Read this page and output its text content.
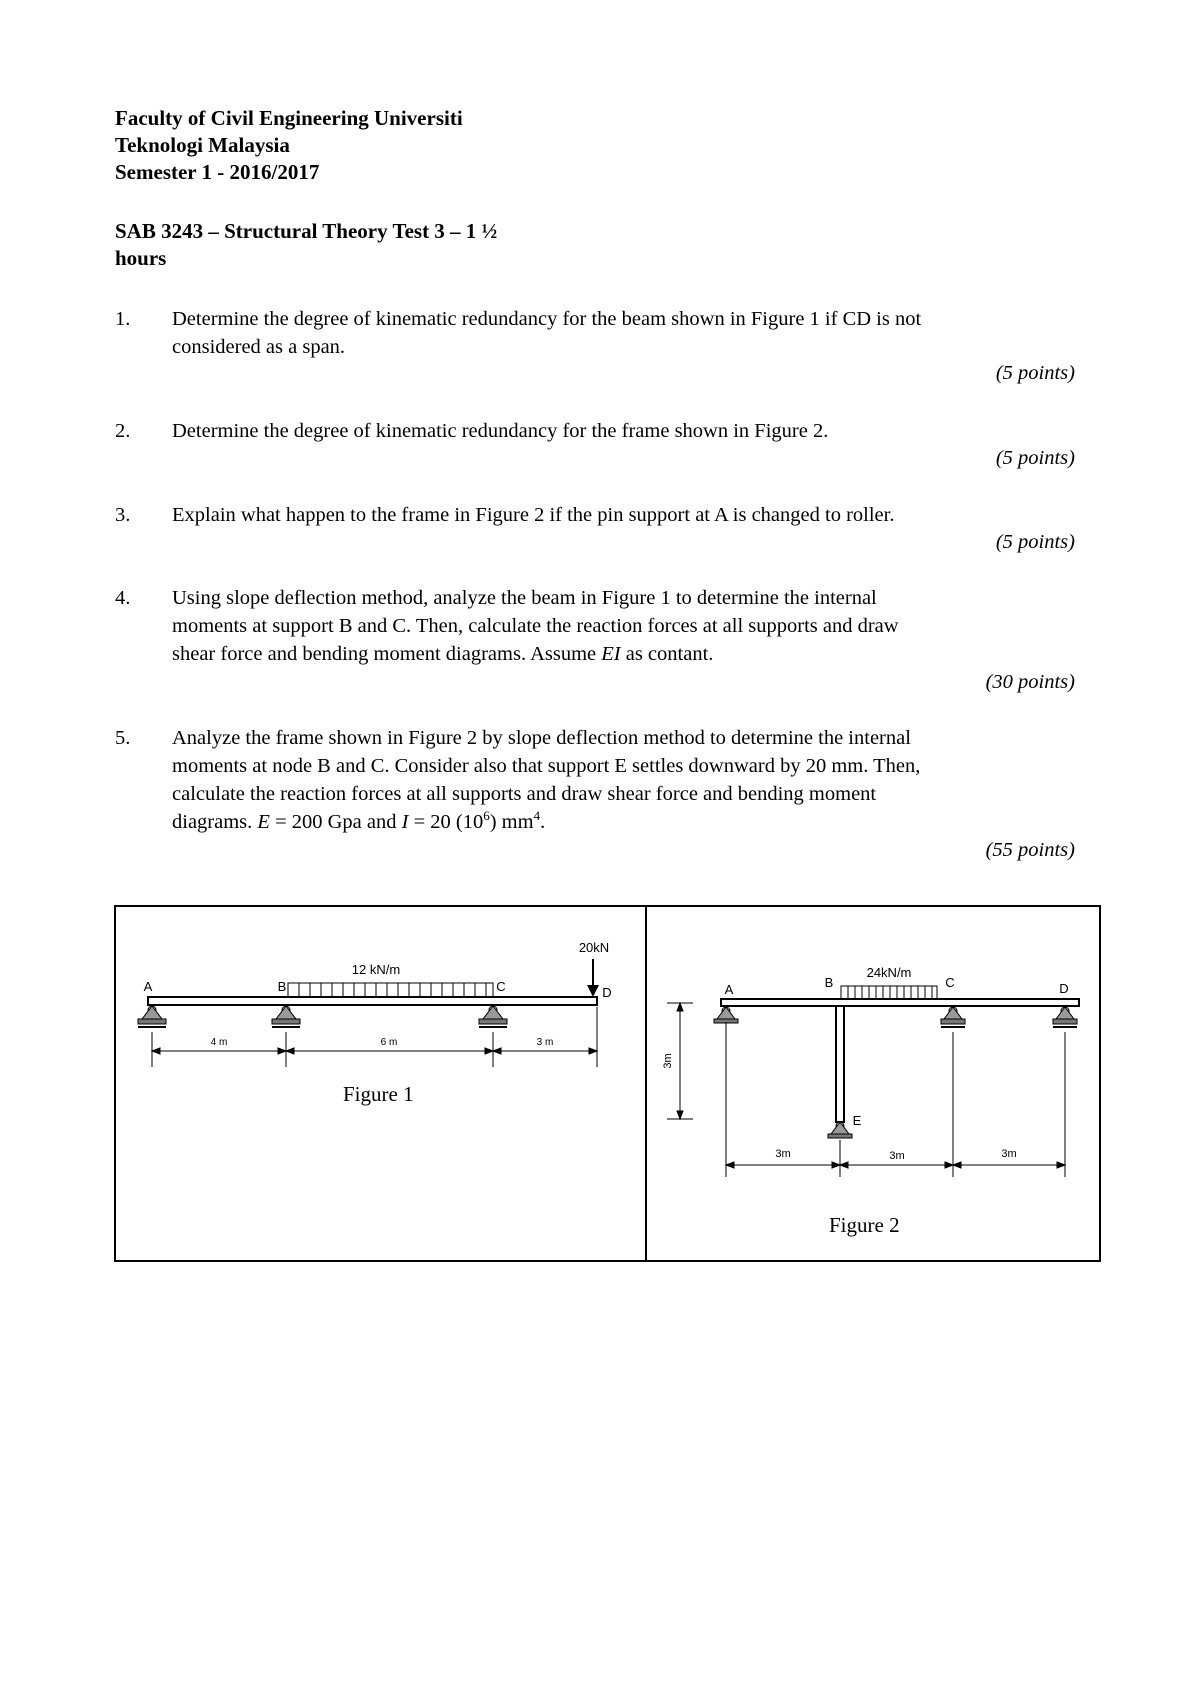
Faculty of Civil Engineering Universiti
Teknologi Malaysia
Semester 1 - 2016/2017
SAB 3243 – Structural Theory Test 3 – 1 ½
hours
1.	Determine the degree of kinematic redundancy for the beam shown in Figure 1 if CD is not
considered as a span.
(5 points)
2.	Determine the degree of kinematic redundancy for the frame shown in Figure 2.
(5 points)
3.	Explain what happen to the frame in Figure 2 if the pin support at A is changed to roller.
(5 points)
4.	Using slope deflection method, analyze the beam in Figure 1 to determine the internal
moments at support B and C. Then, calculate the reaction forces at all supports and draw
shear force and bending moment diagrams. Assume EI as contant.
(30 points)
5.	Analyze the frame shown in Figure 2 by slope deflection method to determine the internal
moments at node B and C. Consider also that support E settles downward by 20 mm. Then,
calculate the reaction forces at all supports and draw shear force and bending moment
diagrams. E = 200 Gpa and I = 20 $(10^6)$ $mm^4$.
(55 points)
12 kN/m
20kN
A	B	C	D
4 m	6 m	3 m
Figure 1
24kN/m
A	B	C	D
E
3m
3m	3m	3m
Figure 2
